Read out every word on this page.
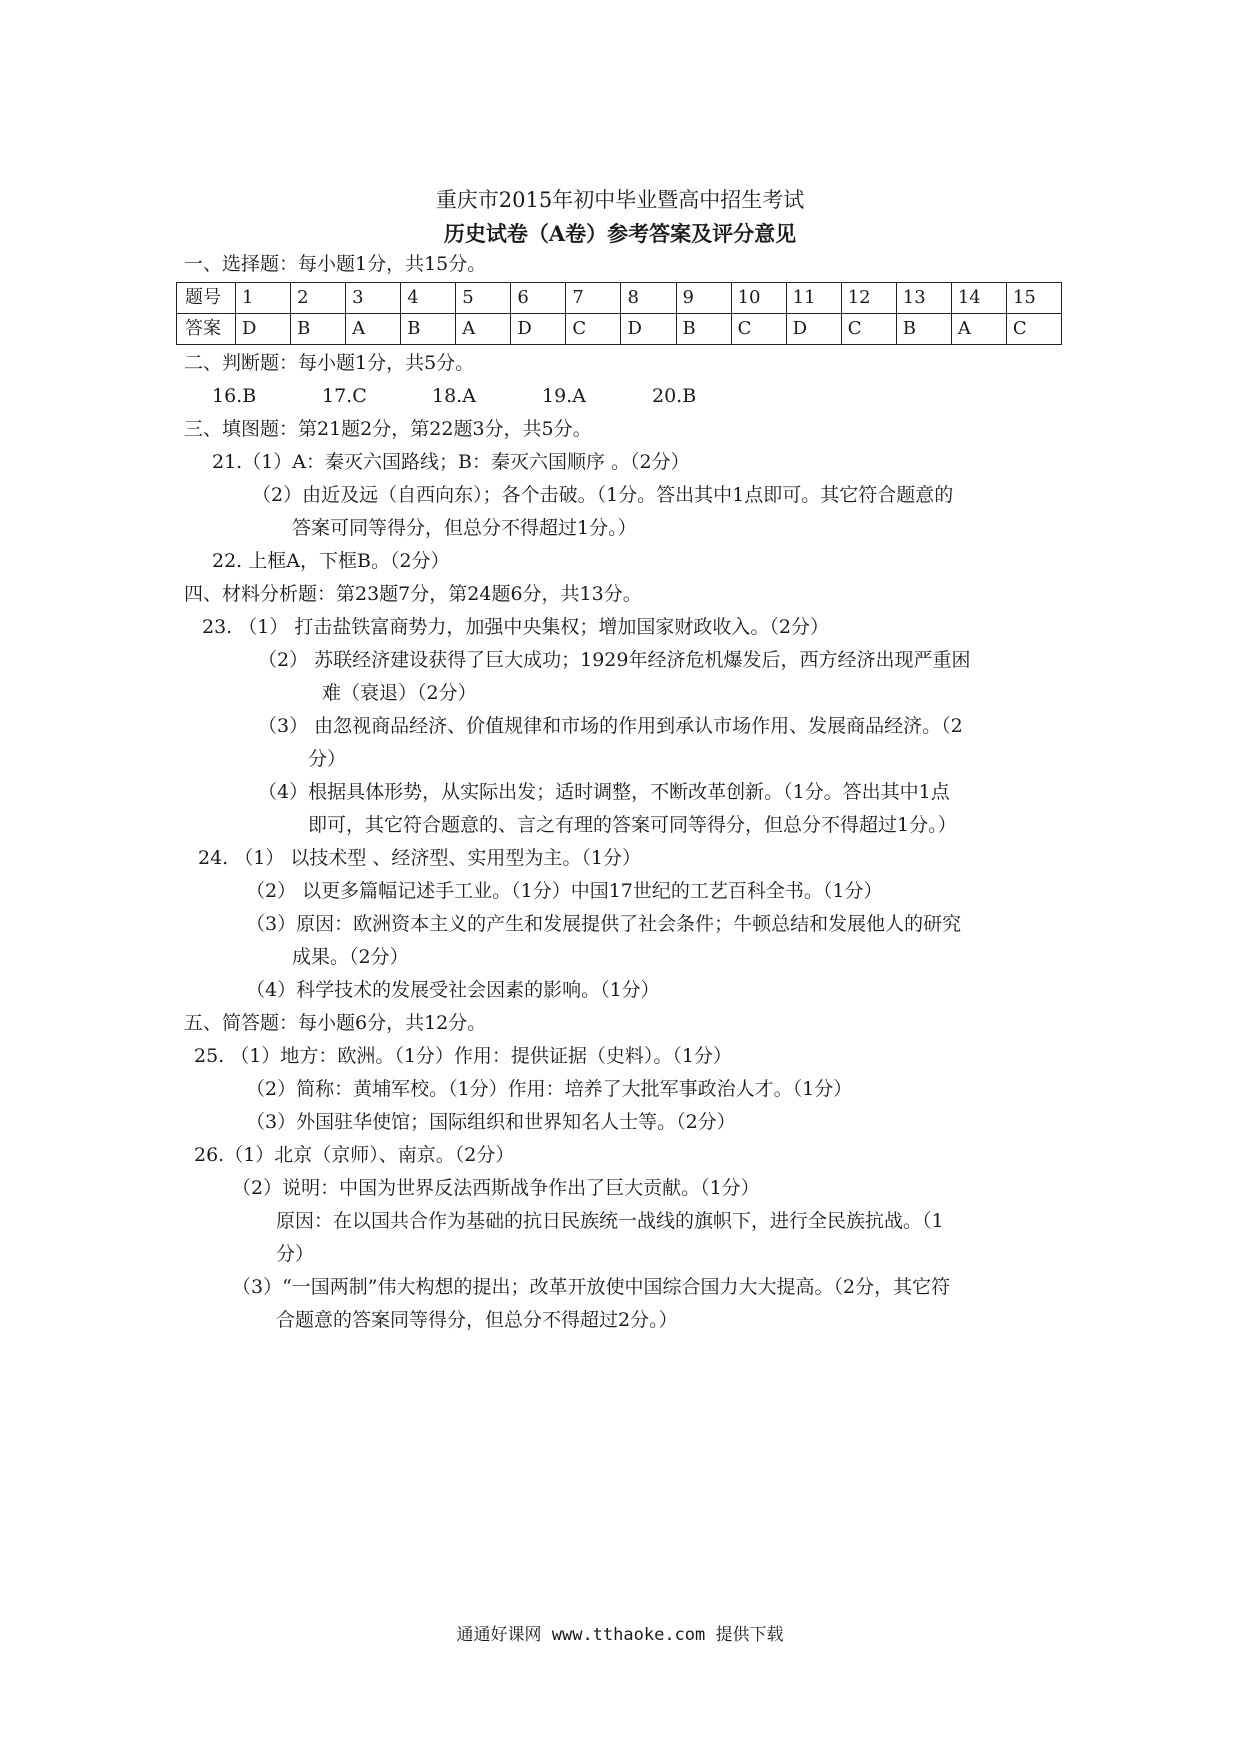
重庆市2015年初中毕业暨高中招生考试
历史试卷（A卷）参考答案及评分意见
一、选择题：每小题1分，共15分。
题号	1	2	3	4	5	6	7	8	9	10	11	12	13	14	15
答案	D	B	A	B	A	D	C	D	B	C	D	C	B	A	C
二、判断题：每小题1分，共5分。
16.B	17.C	18.A	19.A	20.B
三、填图题：第21题2分，第22题3分，共5分。
21.（1）A：秦灭六国路线；B：秦灭六国顺序 。（2分）
（2）由近及远（自西向东）；各个击破。（1分。答出其中1点即可。其它符合题意的
答案可同等得分，但总分不得超过1分。）
22. 上框A，下框B。（2分）
四、材料分析题：第23题7分，第24题6分，共13分。
23. （1） 打击盐铁富商势力，加强中央集权；增加国家财政收入。（2分）
（2） 苏联经济建设获得了巨大成功；1929年经济危机爆发后，西方经济出现严重困
难（衰退）（2分）
（3） 由忽视商品经济、价值规律和市场的作用到承认市场作用、发展商品经济。（2
分）
（4）根据具体形势，从实际出发；适时调整，不断改革创新。（1分。答出其中1点
即可，其它符合题意的、言之有理的答案可同等得分，但总分不得超过1分。）
24. （1） 以技术型 、经济型、实用型为主。（1分）
（2） 以更多篇幅记述手工业。（1分）中国17世纪的工艺百科全书。（1分）
（3）原因：欧洲资本主义的产生和发展提供了社会条件；牛顿总结和发展他人的研究
成果。（2分）
（4）科学技术的发展受社会因素的影响。（1分）
五、简答题：每小题6分，共12分。
25. （1）地方：欧洲。（1分）作用：提供证据（史料）。（1分）
（2）简称：黄埔军校。（1分）作用：培养了大批军事政治人才。（1分）
（3）外国驻华使馆；国际组织和世界知名人士等。（2分）
26.（1）北京（京师）、南京。（2分）
（2）说明：中国为世界反法西斯战争作出了巨大贡献。（1分）
原因：在以国共合作为基础的抗日民族统一战线的旗帜下，进行全民族抗战。（1
分）
（3）“一国两制”伟大构想的提出；改革开放使中国综合国力大大提高。（2分，其它符
合题意的答案同等得分，但总分不得超过2分。）
通通好课网 www.tthaoke.com 提供下载
